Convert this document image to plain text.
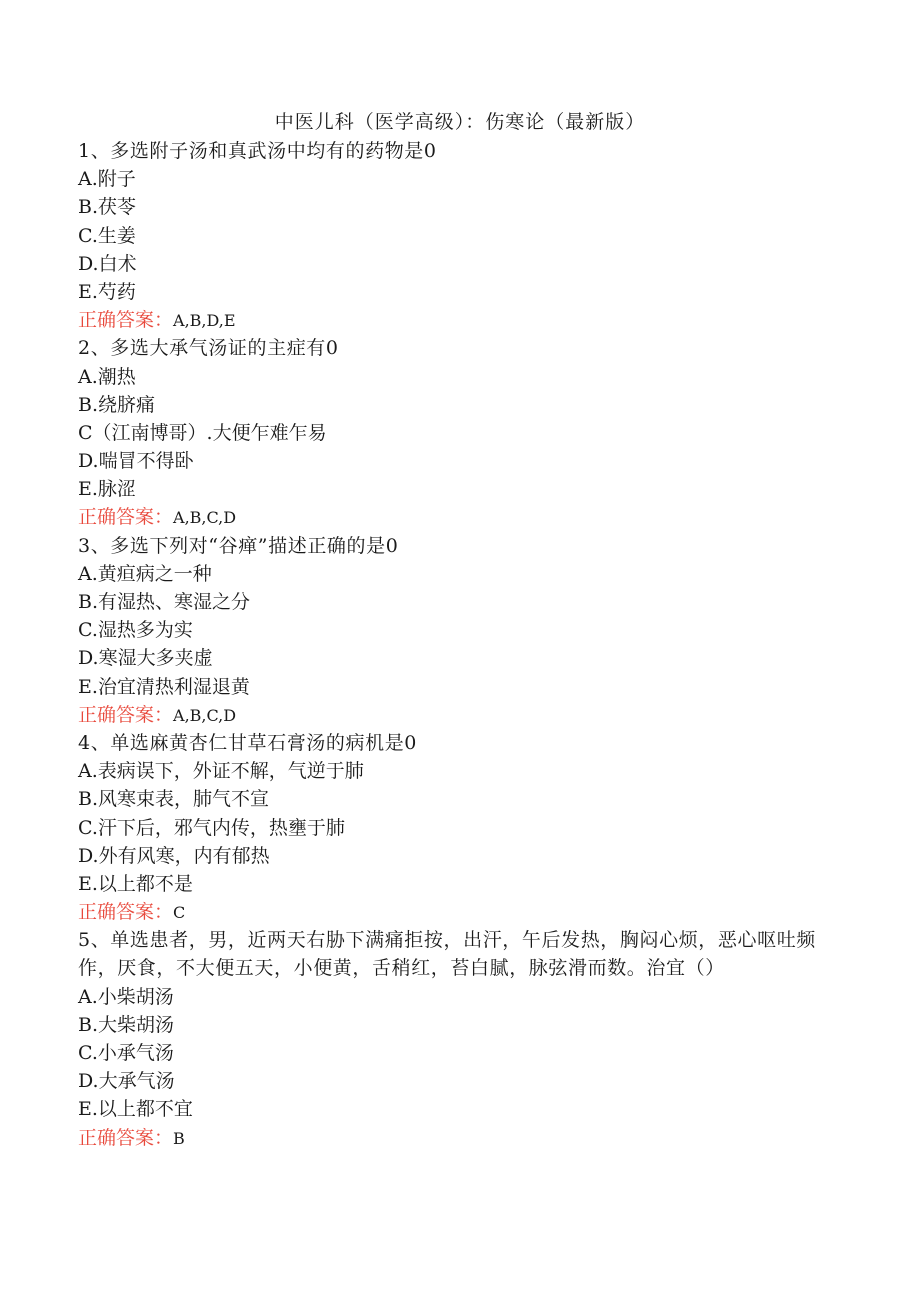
中医儿科（医学高级）：伤寒论（最新版）
1、多选附子汤和真武汤中均有的药物是0
A.附子
B.茯苓
C.生姜
D.白术
E.芍药
正确答案：A,B,D,E
2、多选大承气汤证的主症有0
A.潮热
B.绕脐痛
C（江南博哥）.大便乍难乍易
D.喘冒不得卧
E.脉涩
正确答案：A,B,C,D
3、多选下列对“谷瘅”描述正确的是0
A.黄疸病之一种
B.有湿热、寒湿之分
C.湿热多为实
D.寒湿大多夹虚
E.治宜清热利湿退黄
正确答案：A,B,C,D
4、单选麻黄杏仁甘草石膏汤的病机是0
A.表病误下，外证不解，气逆于肺
B.风寒束表，肺气不宣
C.汗下后，邪气内传，热壅于肺
D.外有风寒，内有郁热
E.以上都不是
正确答案：C
5、单选患者，男，近两天右胁下满痛拒按，出汗，午后发热，胸闷心烦，恶心呕吐频作，厌食，不大便五天，小便黄，舌稍红，苔白腻，脉弦滑而数。治宜（）
A.小柴胡汤
B.大柴胡汤
C.小承气汤
D.大承气汤
E.以上都不宜
正确答案：B
